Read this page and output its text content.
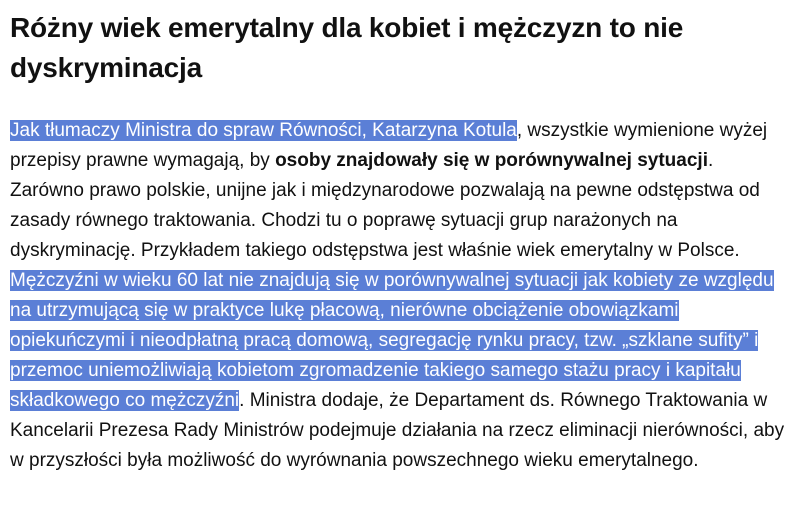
Różny wiek emerytalny dla kobiet i mężczyzn to nie dyskryminacja

Jak tłumaczy Ministra do spraw Równości, Katarzyna Kotula, wszystkie wymienione wyżej przepisy prawne wymagają, by osoby znajdowały się w porównywalnej sytuacji. Zarówno prawo polskie, unijne jak i międzynarodowe pozwalają na pewne odstępstwa od zasady równego traktowania. Chodzi tu o poprawę sytuacji grup narażonych na dyskryminację. Przykładem takiego odstępstwa jest właśnie wiek emerytalny w Polsce. Mężczyźni w wieku 60 lat nie znajdują się w porównywalnej sytuacji jak kobiety ze względu na utrzymującą się w praktyce lukę płacową, nierówne obciążenie obowiązkami opiekuńczymi i nieodpłatną pracą domową, segregację rynku pracy, tzw. „szklane sufity” i przemoc uniemożliwiają kobietom zgromadzenie takiego samego stażu pracy i kapitału składkowego co mężczyźni. Ministra dodaje, że Departament ds. Równego Traktowania w Kancelarii Prezesa Rady Ministrów podejmuje działania na rzecz eliminacji nierówności, aby w przyszłości była możliwość do wyrównania powszechnego wieku emerytalnego.
